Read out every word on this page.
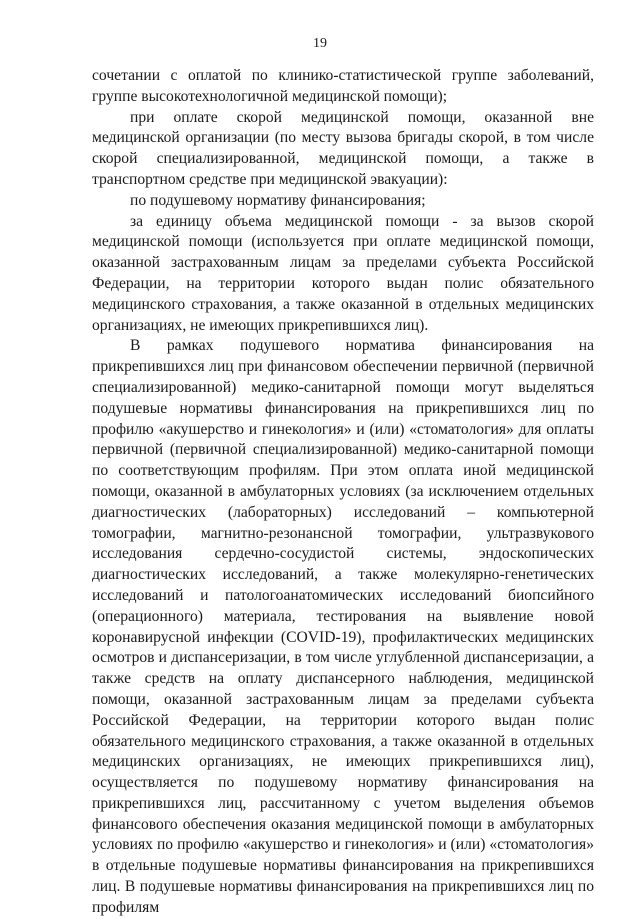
19

сочетании с оплатой по клинико-статистической группе заболеваний, группе высокотехнологичной медицинской помощи);

при оплате скорой медицинской помощи, оказанной вне медицинской организации (по месту вызова бригады скорой, в том числе скорой специализированной, медицинской помощи, а также в транспортном средстве при медицинской эвакуации):

по подушевому нормативу финансирования;

за единицу объема медицинской помощи - за вызов скорой медицинской помощи (используется при оплате медицинской помощи, оказанной застрахованным лицам за пределами субъекта Российской Федерации, на территории которого выдан полис обязательного медицинского страхования, а также оказанной в отдельных медицинских организациях, не имеющих прикрепившихся лиц).

В рамках подушевого норматива финансирования на прикрепившихся лиц при финансовом обеспечении первичной (первичной специализированной) медико-санитарной помощи могут выделяться подушевые нормативы финансирования на прикрепившихся лиц по профилю «акушерство и гинекология» и (или) «стоматология» для оплаты первичной (первичной специализированной) медико-санитарной помощи по соответствующим профилям. При этом оплата иной медицинской помощи, оказанной в амбулаторных условиях (за исключением отдельных диагностических (лабораторных) исследований – компьютерной томографии, магнитно-резонансной томографии, ультразвукового исследования сердечно-сосудистой системы, эндоскопических диагностических исследований, а также молекулярно-генетических исследований и патологоанатомических исследований биопсийного (операционного) материала, тестирования на выявление новой коронавирусной инфекции (COVID-19), профилактических медицинских осмотров и диспансеризации, в том числе углубленной диспансеризации, а также средств на оплату диспансерного наблюдения, медицинской помощи, оказанной застрахованным лицам за пределами субъекта Российской Федерации, на территории которого выдан полис обязательного медицинского страхования, а также оказанной в отдельных медицинских организациях, не имеющих прикрепившихся лиц), осуществляется по подушевому нормативу финансирования на прикрепившихся лиц, рассчитанному с учетом выделения объемов финансового обеспечения оказания медицинской помощи в амбулаторных условиях по профилю «акушерство и гинекология» и (или) «стоматология» в отдельные подушевые нормативы финансирования на прикрепившихся лиц. В подушевые нормативы финансирования на прикрепившихся лиц по профилям
